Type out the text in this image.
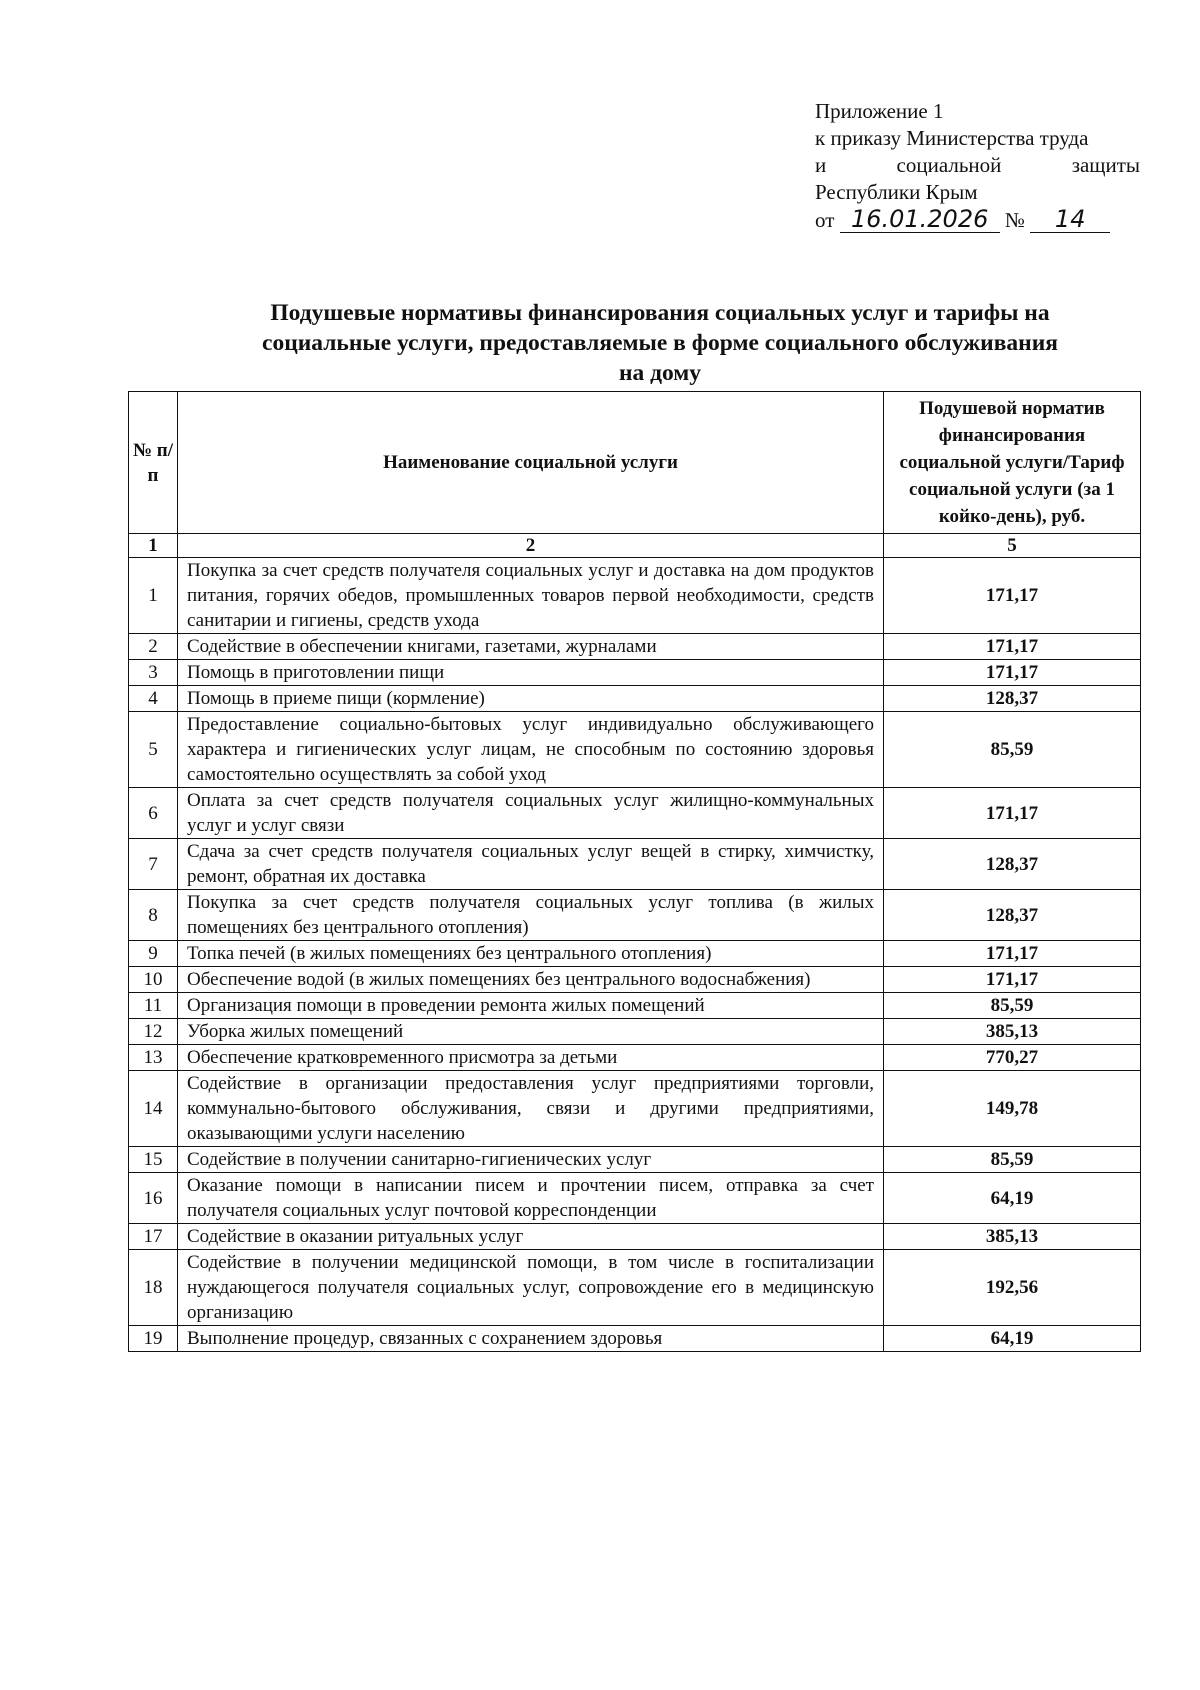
Приложение 1
к приказу Министерства труда
и	социальной	защиты
Республики Крым
от 16.01.2026 № 14
Подушевые нормативы финансирования социальных услуг и тарифы на
социальные услуги, предоставляемые в форме социального обслуживания
на дому
№ п/п	Наименование социальной услуги	Подушевой норматив финансирования социальной услуги/Тариф социальной услуги (за 1 койко-день), руб.
1	2	5
1	Покупка за счет средств получателя социальных услуг и доставка на дом продуктов питания, горячих обедов, промышленных товаров первой необходимости, средств санитарии и гигиены, средств ухода	171,17
2	Содействие в обеспечении книгами, газетами, журналами	171,17
3	Помощь в приготовлении пищи	171,17
4	Помощь в приеме пищи (кормление)	128,37
5	Предоставление социально-бытовых услуг индивидуально обслуживающего характера и гигиенических услуг лицам, не способным по состоянию здоровья самостоятельно осуществлять за собой уход	85,59
6	Оплата за счет средств получателя социальных услуг жилищно-коммунальных услуг и услуг связи	171,17
7	Сдача за счет средств получателя социальных услуг вещей в стирку, химчистку, ремонт, обратная их доставка	128,37
8	Покупка за счет средств получателя социальных услуг топлива (в жилых помещениях без центрального отопления)	128,37
9	Топка печей (в жилых помещениях без центрального отопления)	171,17
10	Обеспечение водой (в жилых помещениях без центрального водоснабжения)	171,17
11	Организация помощи в проведении ремонта жилых помещений	85,59
12	Уборка жилых помещений	385,13
13	Обеспечение кратковременного присмотра за детьми	770,27
14	Содействие в организации предоставления услуг предприятиями торговли, коммунально-бытового обслуживания, связи и другими предприятиями, оказывающими услуги населению	149,78
15	Содействие в получении санитарно-гигиенических услуг	85,59
16	Оказание помощи в написании писем и прочтении писем, отправка за счет получателя социальных услуг почтовой корреспонденции	64,19
17	Содействие в оказании ритуальных услуг	385,13
18	Содействие в получении медицинской помощи, в том числе в госпитализации нуждающегося получателя социальных услуг, сопровождение его в медицинскую организацию	192,56
19	Выполнение процедур, связанных с сохранением здоровья	64,19
